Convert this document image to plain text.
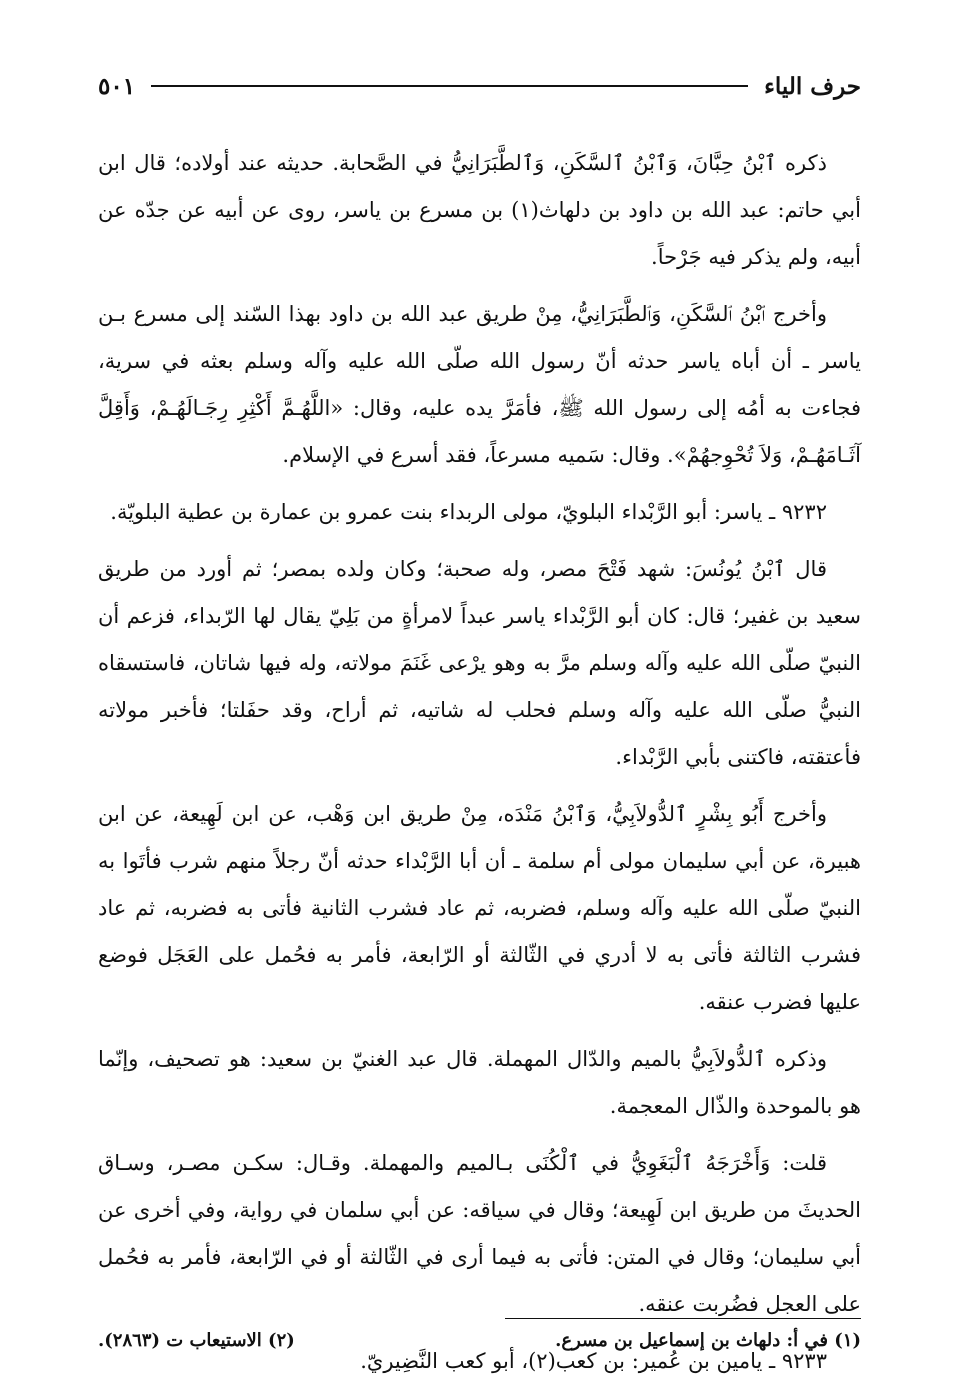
حرف الياء
٥٠١

ذكره ٱبْنُ حِبَّانَ، وَٱبْنُ ٱلسَّكَنِ، وَٱلطَّبَرَانِيُّ في الصَّحابة. حديثه عند أولاده؛ قال ابن أبي حاتم: عبد الله بن داود بن دلهاث(١) بن مسرع بن ياسر، روى عن أبيه عن جدّه عن أبيه، ولم يذكر فيه جَرْحاً.

وأخرج ٱبْنُ ٱلسَّكَنِ، وَٱلطَّبَرَانِيُّ، مِنْ طريق عبد الله بن داود بهذا السّند إلى مسرع بـن ياسر ـ أن أباه ياسر حدثه أنّ رسول الله صلّى الله عليه وآله وسلم بعثه في سرية، فجاءت به أمُه إلى رسول الله ﷺ، فأمَرَّ يده عليه، وقال: «اللَّهُـمَّ أَكْثِرِ رِجَـالَهُـمْ، وَأَقِلَّ آثَـامَهُـمْ، وَلاَ تُحْوِجهُمْ». وقال: سَميه مسرعاً، فقد أسرع في الإسلام.

٩٢٣٢ ـ ياسر: أبو الرَّبْداء البلويّ، مولى الربداء بنت عمرو بن عمارة بن عطية البلويّة.

قال ٱبْنُ يُونُسَ: شهد فَتْحَ مصر، وله صحبة؛ وكان ولده بمصر؛ ثم أورد من طريق سعيد بن غفير؛ قال: كان أبو الرَّبْداء ياسر عبداً لامرأةٍ من بَلِيّ يقال لها الرّبداء، فزعم أن النبيّ صلّى الله عليه وآله وسلم مرَّ به وهو يرْعى غَنَمَ مولاته، وله فيها شاتان، فاستسقاه النبيُّ صلّى الله عليه وآله وسلم فحلب له شاتيه، ثم أراح، وقد حفَلتا؛ فأخبر مولاته فأعتقته، فاكتنى بأبي الرَّبْداء.

وأخرج أَبُو بِشْرٍ ٱلدُّولاَبِيُّ، وَٱبْنُ مَنْدَه، مِنْ طريق ابن وَهْب، عن ابن لَهِيعة، عن ابن هبيرة، عن أبي سليمان مولى أم سلمة ـ أن أبا الرَّبْداء حدثه أنّ رجلاً منهم شرب فأتَوا به النبيّ صلّى الله عليه وآله وسلم، فضربه، ثم عاد فشرب الثانية فأتى به فضربه، ثم عاد فشرب الثالثة فأتى به لا أدري في الثّالثة أو الرّابعة، فأمر به فحُمل على العَجَل فوضع عليها فضرب عنقه.

وذكره ٱلدُّولاَبِيُّ بالميم والدّال المهملة. قال عبد الغنيّ بن سعيد: هو تصحيف، وإنّما هو بالموحدة والذّال المعجمة.

قلت: وَأَخْرَجَهُ ٱلْبَغَوِيُّ في ٱلْكُنَى بـالميم والمهملة. وقـال: سكـن مصـر، وسـاق الحديثَ من طريق ابن لَهِيعة؛ وقال في سياقه: عن أبي سلمان في رواية، وفي أخرى عن أبي سليمان؛ وقال في المتن: فأتى به فيما أرى في الثّالثة أو في الرّابعة، فأمر به فحُمل على العجل فضُربت عنقه.

٩٢٣٣ ـ يامين بن عُمير: بن كعب(٢)، أبو كعب النَّضِيريّ.

(١) في أ: دلهاث بن إسماعيل بن مسرع.
(٢) الاستيعاب ت (٢٨٦٣).
